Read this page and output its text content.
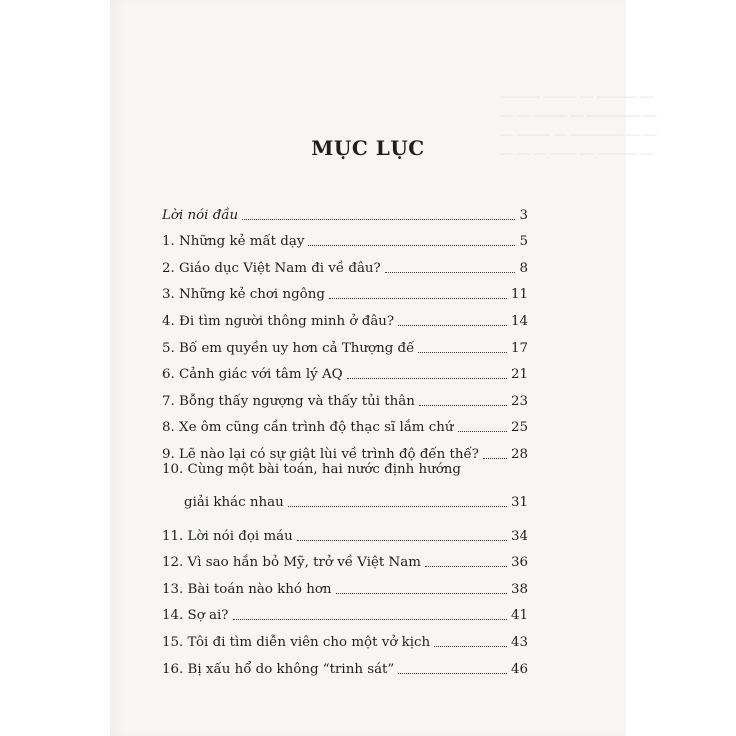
────── ───── ── ────── ──
── ── ───── ── ──────── ──
── ───── ── ──────── ── ──
── ── ── ──── ── ────── ──
MỤC LỤC
Lời nói đầu	3
1. Những kẻ mất dạy	5
2. Giáo dục Việt Nam đi về đâu?	8
3. Những kẻ chơi ngông	11
4. Đi tìm người thông minh ở đâu?	14
5. Bố em quyền uy hơn cả Thượng đế	17
6. Cảnh giác với tâm lý AQ	21
7. Bỗng thấy ngượng và thấy tủi thân	23
8. Xe ôm cũng cần trình độ thạc sĩ lắm chứ	25
9. Lẽ nào lại có sự giật lùi về trình độ đến thế? 28
10. Cùng một bài toán, hai nước định hướng
giải khác nhau	31
11. Lời nói đọi máu	34
12. Vì sao hắn bỏ Mỹ, trở về Việt Nam	36
13. Bài toán nào khó hơn	38
14. Sợ ai?	41
15. Tôi đi tìm diễn viên cho một vở kịch	43
16. Bị xấu hổ do không “trinh sát”	46
